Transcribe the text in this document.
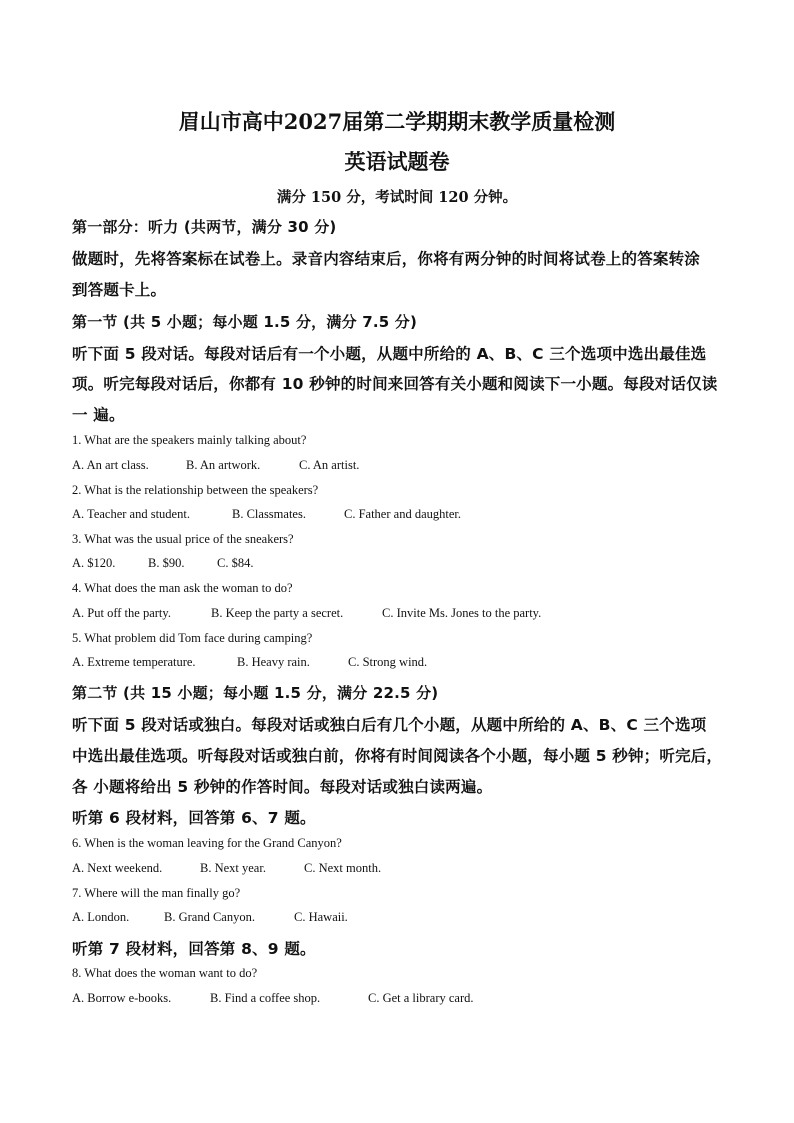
眉山市高中2027届第二学期期末教学质量检测
英语试题卷
满分 150 分，考试时间 120 分钟。
第一部分：听力 (共两节，满分 30 分)
做题时，先将答案标在试卷上。录音内容结束后，你将有两分钟的时间将试卷上的答案转涂
到答题卡上。
第一节 (共 5 小题；每小题 1.5 分，满分 7.5 分)
听下面 5 段对话。每段对话后有一个小题，从题中所给的 A、B、C 三个选项中选出最佳选
项。听完每段对话后，你都有 10 秒钟的时间来回答有关小题和阅读下一小题。每段对话仅读
一 遍。
1. What are the speakers mainly talking about?
A. An art class.	B. An artwork.	C. An artist.
2. What is the relationship between the speakers?
A. Teacher and student.	B. Classmates.	C. Father and daughter.
3. What was the usual price of the sneakers?
A. $120.	B. $90.	C. $84.
4. What does the man ask the woman to do?
A. Put off the party.	B. Keep the party a secret.	C. Invite Ms. Jones to the party.
5. What problem did Tom face during camping?
A. Extreme temperature.	B. Heavy rain.	C. Strong wind.
第二节 (共 15 小题；每小题 1.5 分，满分 22.5 分)
听下面 5 段对话或独白。每段对话或独白后有几个小题，从题中所给的 A、B、C 三个选项
中选出最佳选项。听每段对话或独白前，你将有时间阅读各个小题，每小题 5 秒钟；听完后，
各 小题将给出 5 秒钟的作答时间。每段对话或独白读两遍。
听第 6 段材料，回答第 6、7 题。
6. When is the woman leaving for the Grand Canyon?
A. Next weekend.	B. Next year.	C. Next month.
7. Where will the man finally go?
A. London.	B. Grand Canyon.	C. Hawaii.
听第 7 段材料，回答第 8、9 题。
8. What does the woman want to do?
A. Borrow e-books.	B. Find a coffee shop.	C. Get a library card.
